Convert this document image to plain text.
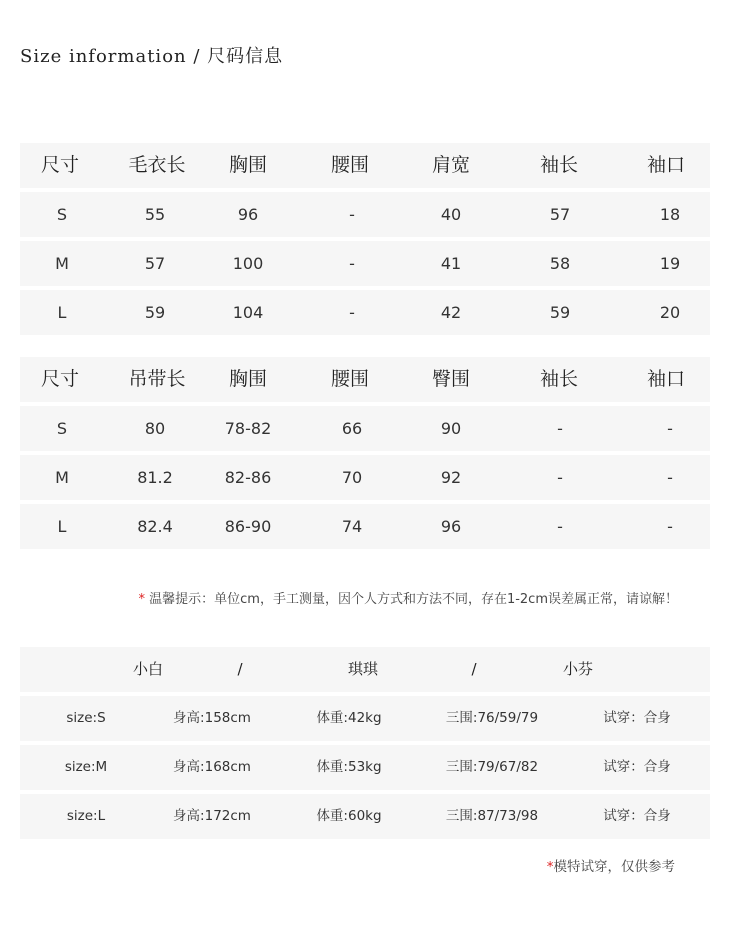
Size information / 尺码信息
尺寸	毛衣长 胸围	腰围	肩宽	袖长	袖口
S	55	96	-	40	57	18
M	57	100	-	41	58	19
L	59	104	-	42	59	20
尺寸	吊带长 胸围	腰围	臀围	袖长	袖口
S	80	78-82	66	90	-	-
M	81.2	82-86	70	92	-	-
L	82.4	86-90	74	96	-	-

* 温馨提示：单位cm，手工测量，因个人方式和方法不同，存在1-2cm误差属正常，请谅解！

小白	/	琪琪	/	小芬
size:S	身高:158cm	体重:42kg	三围:76/59/79	试穿：合身
size:M	身高:168cm	体重:53kg	三围:79/67/82	试穿：合身
size:L	身高:172cm	体重:60kg	三围:87/73/98	试穿：合身

*模特试穿，仅供参考
